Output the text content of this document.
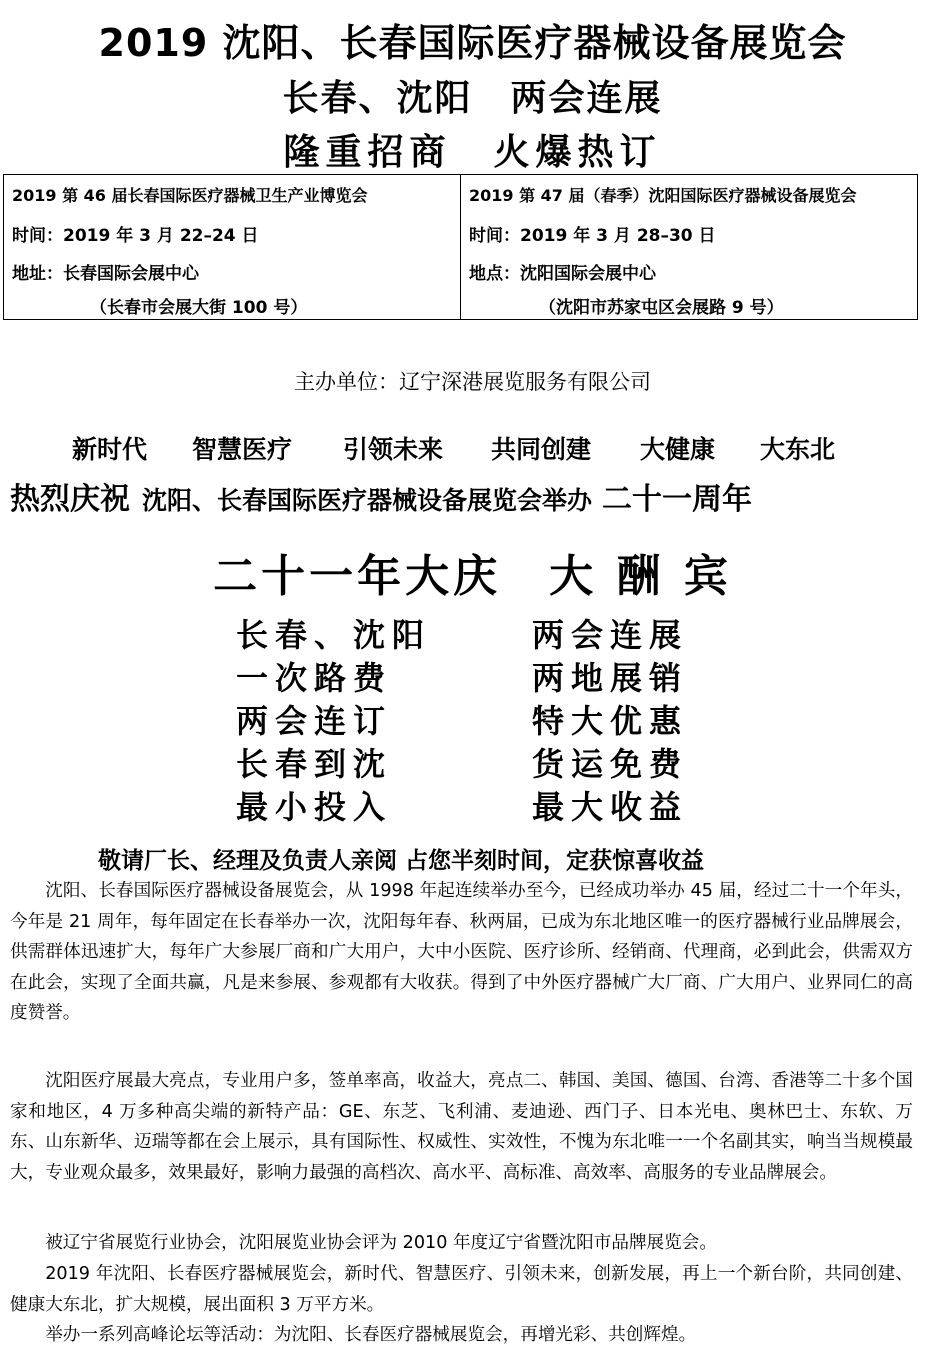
2019 沈阳、长春国际医疗器械设备展览会
长春、沈阳　两会连展
隆重招商　火爆热订
2019 第 46 届长春国际医疗器械卫生产业博览会
时间：2019 年 3 月 22–24 日
地址：长春国际会展中心
（长春市会展大街 100 号）
2019 第 47 届（春季）沈阳国际医疗器械设备展览会
时间：2019 年 3 月 28–30 日
地点：沈阳国际会展中心
（沈阳市苏家屯区会展路 9 号）
主办单位：辽宁深港展览服务有限公司
新时代 智慧医疗 引领未来 共同创建 大健康 大东北
热烈庆祝 沈阳、长春国际医疗器械设备展览会举办 二十一周年
二十一年大庆　大 酬 宾
长春、沈阳	两会连展
一次路费	两地展销
两会连订	特大优惠
长春到沈	货运免费
最小投入	最大收益
敬请厂长、经理及负责人亲阅 占您半刻时间，定获惊喜收益

沈阳、长春国际医疗器械设备展览会，从 1998 年起连续举办至今，已经成功举办 45 届，经过二十一个年头，今年是 21 周年，每年固定在长春举办一次，沈阳每年春、秋两届，已成为东北地区唯一的医疗器械行业品牌展会，供需群体迅速扩大，每年广大参展厂商和广大用户，大中小医院、医疗诊所、经销商、代理商，必到此会，供需双方在此会，实现了全面共赢，凡是来参展、参观都有大收获。得到了中外医疗器械广大厂商、广大用户、业界同仁的高度赞誉。

沈阳医疗展最大亮点，专业用户多，签单率高，收益大，亮点二、韩国、美国、德国、台湾、香港等二十多个国家和地区，4 万多种高尖端的新特产品：GE、东芝、飞利浦、麦迪逊、西门子、日本光电、奥林巴士、东软、万东、山东新华、迈瑞等都在会上展示，具有国际性、权威性、实效性，不愧为东北唯一一个名副其实，响当当规模最大，专业观众最多，效果最好，影响力最强的高档次、高水平、高标准、高效率、高服务的专业品牌展会。

被辽宁省展览行业协会，沈阳展览业协会评为 2010 年度辽宁省暨沈阳市品牌展览会。

2019 年沈阳、长春医疗器械展览会，新时代、智慧医疗、引领未来，创新发展，再上一个新台阶，共同创建、健康大东北，扩大规模，展出面积 3 万平方米。

举办一系列高峰论坛等活动：为沈阳、长春医疗器械展览会，再增光彩、共创辉煌。
